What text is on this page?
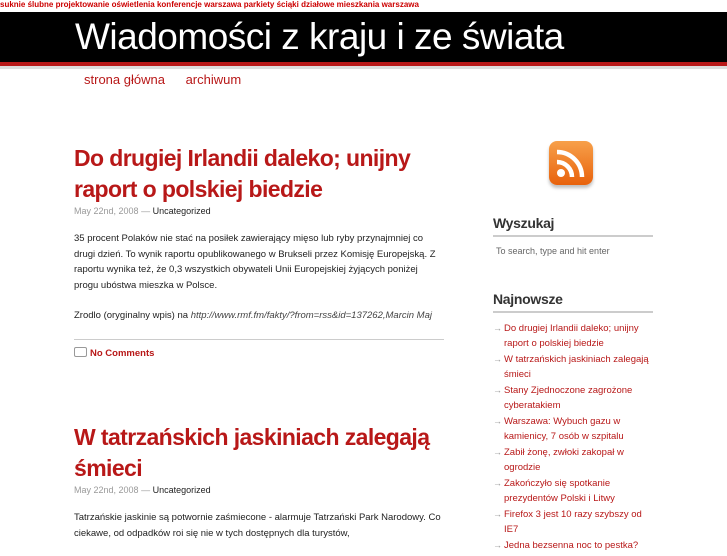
suknie ślubne projektowanie oświetlenia konferencje warszawa parkiety ściąki działowe mieszkania warszawa
Wiadomości z kraju i ze świata
strona główna archiwum
Do drugiej Irlandii daleko; unijny raport o polskiej biedzie
May 22nd, 2008 — Uncategorized

35 procent Polaków nie stać na posiłek zawierający mięso lub ryby przynajmniej co drugi dzień. To wynik raportu opublikowanego w Brukseli przez Komisję Europejską. Z raportu wynika też, że 0,3 wszystkich obywateli Unii Europejskiej żyjących poniżej progu ubóstwa mieszka w Polsce.

Zrodlo (oryginalny wpis) na http://www.rmf.fm/fakty/?from=rss&id=137262,Marcin Maj

No Comments
W tatrzańskich jaskiniach zalegają śmieci
May 22nd, 2008 — Uncategorized

Tatrzańskie jaskinie są potwornie zaśmiecone - alarmuje Tatrzański Park Narodowy. Co ciekawe, od odpadków roi się nie w tych dostępnych dla turystów,

Wyszukaj
To search, type and hit enter
Najnowsze
→ Do drugiej Irlandii daleko; unijny raport o polskiej biedzie
→ W tatrzańskich jaskiniach zalegają śmieci
→ Stany Zjednoczone zagrożone cyberatakiem
→ Warszawa: Wybuch gazu w kamienicy, 7 osób w szpitalu
→ Zabił żonę, zwłoki zakopał w ogrodzie
→ Zakończyło się spotkanie prezydentów Polski i Litwy
→ Firefox 3 jest 10 razy szybszy od IE7
→ Jedna bezsenna noc to pestka?
